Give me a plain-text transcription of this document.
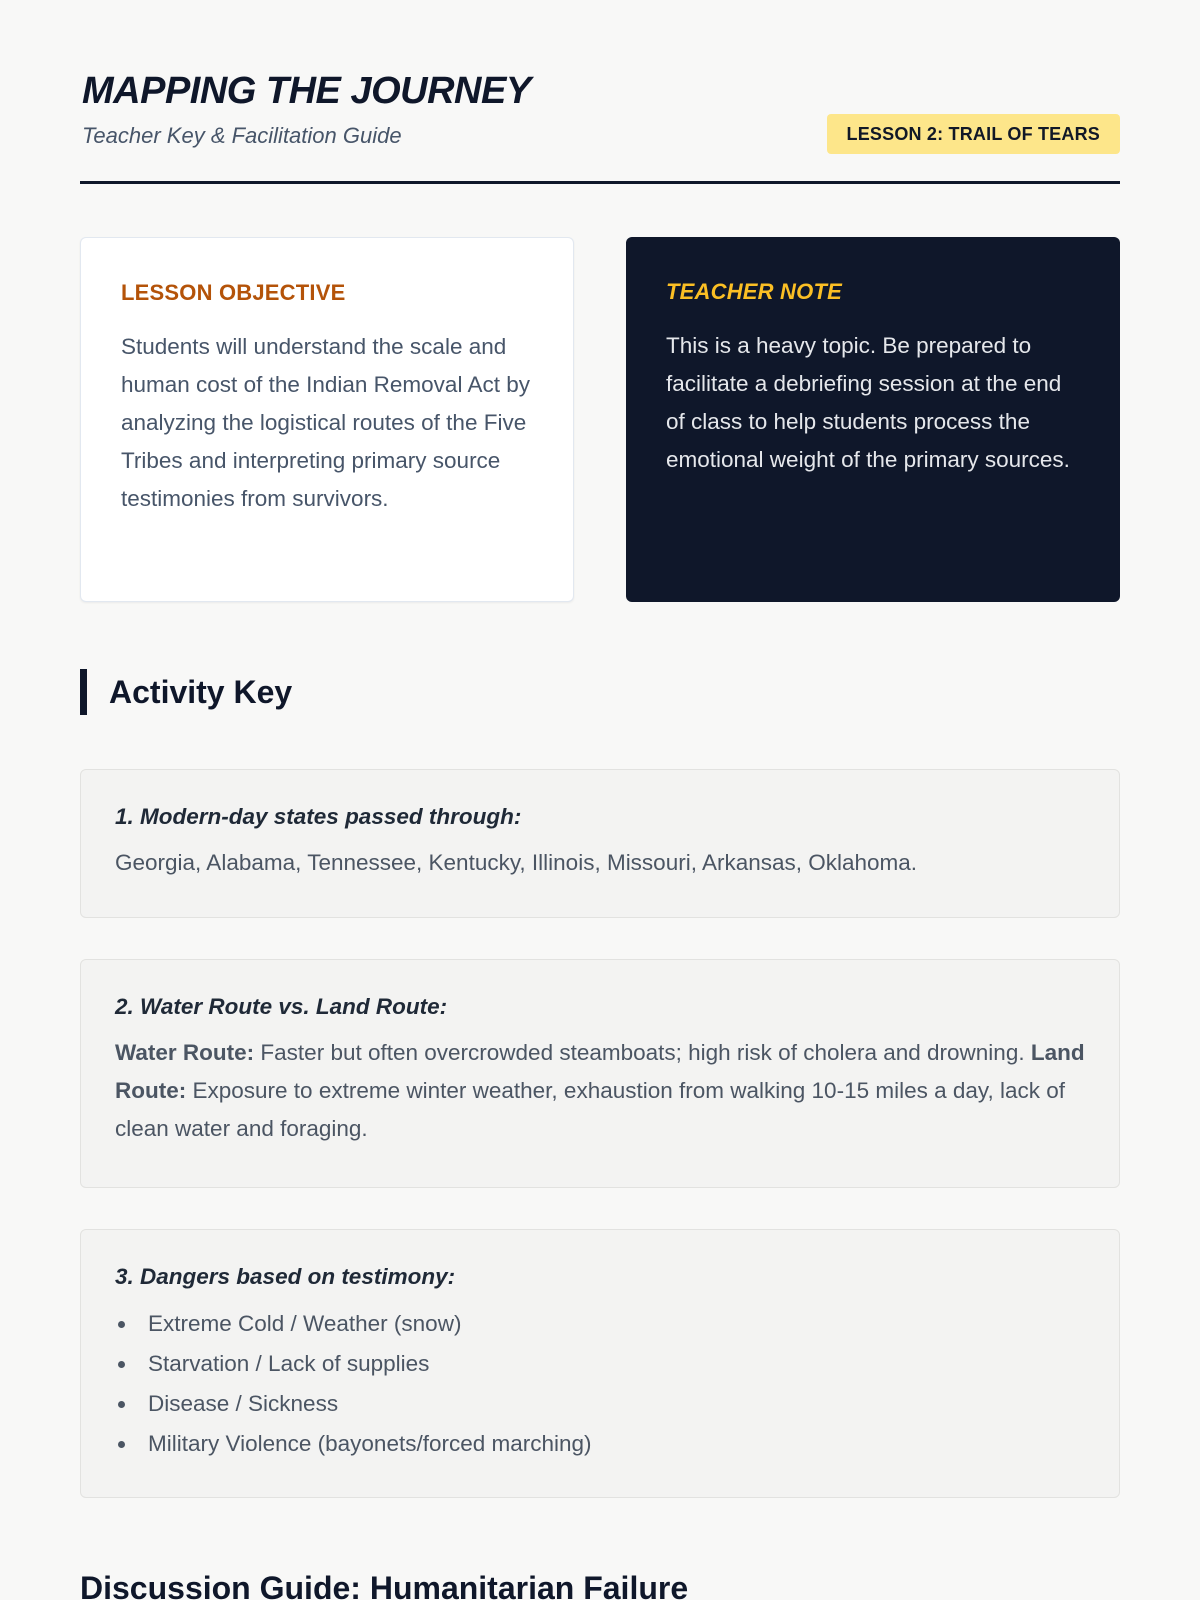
MAPPING THE JOURNEY
Teacher Key & Facilitation Guide	LESSON 2: TRAIL OF TEARS
LESSON OBJECTIVE

Students will understand the scale and human cost of the Indian Removal Act by analyzing the logistical routes of the Five Tribes and interpreting primary source testimonies from survivors.

TEACHER NOTE

This is a heavy topic. Be prepared to facilitate a debriefing session at the end of class to help students process the emotional weight of the primary sources.

Activity Key
1. Modern-day states passed through:
Georgia, Alabama, Tennessee, Kentucky, Illinois, Missouri, Arkansas, Oklahoma.
2. Water Route vs. Land Route:
Water Route: Faster but often overcrowded steamboats; high risk of cholera and drowning. Land Route: Exposure to extreme winter weather, exhaustion from walking 10-15 miles a day, lack of clean water and foraging.
3. Dangers based on testimony:
Extreme Cold / Weather (snow)
Starvation / Lack of supplies
Disease / Sickness
Military Violence (bayonets/forced marching)
Discussion Guide: Humanitarian Failure
